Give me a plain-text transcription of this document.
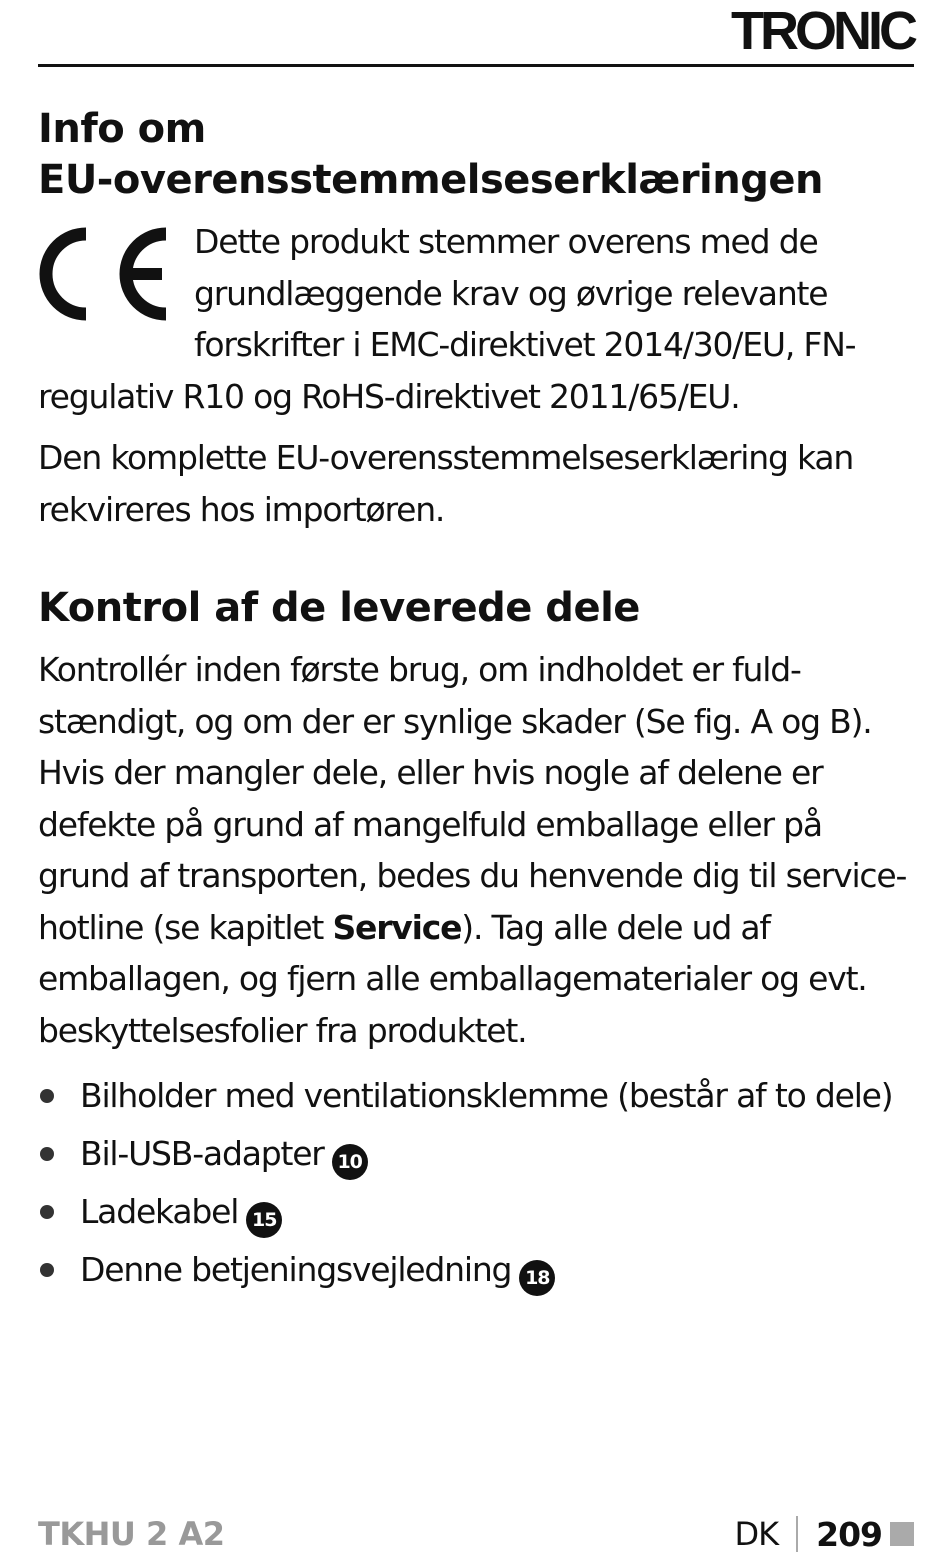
TRONIC
Info om
EU-overensstemmelseserklæringen

Dette produkt stemmer overens med de grundlæggende krav og øvrige relevante forskrifter i EMC-direktivet 2014/30/EU, FN-regulativ R10 og RoHS-direktivet 2011/65/EU.

Den komplette EU-overensstemmelseserklæring kan rekvireres hos importøren.

Kontrol af de leverede dele

Kontrollér inden første brug, om indholdet er fuld-stændigt, og om der er synlige skader (Se fig. A og B). Hvis der mangler dele, eller hvis nogle af delene er defekte på grund af mangelfuld emballage eller på grund af transporten, bedes du henvende dig til service-hotline (se kapitlet Service). Tag alle dele ud af emballagen, og fjern alle emballagematerialer og evt. beskyttelsesfolier fra produktet.

Bilholder med ventilationsklemme (består af to dele)
Bil-USB-adapter 10
Ladekabel 15
Denne betjeningsvejledning 18
TKHU 2 A2	DK 209
